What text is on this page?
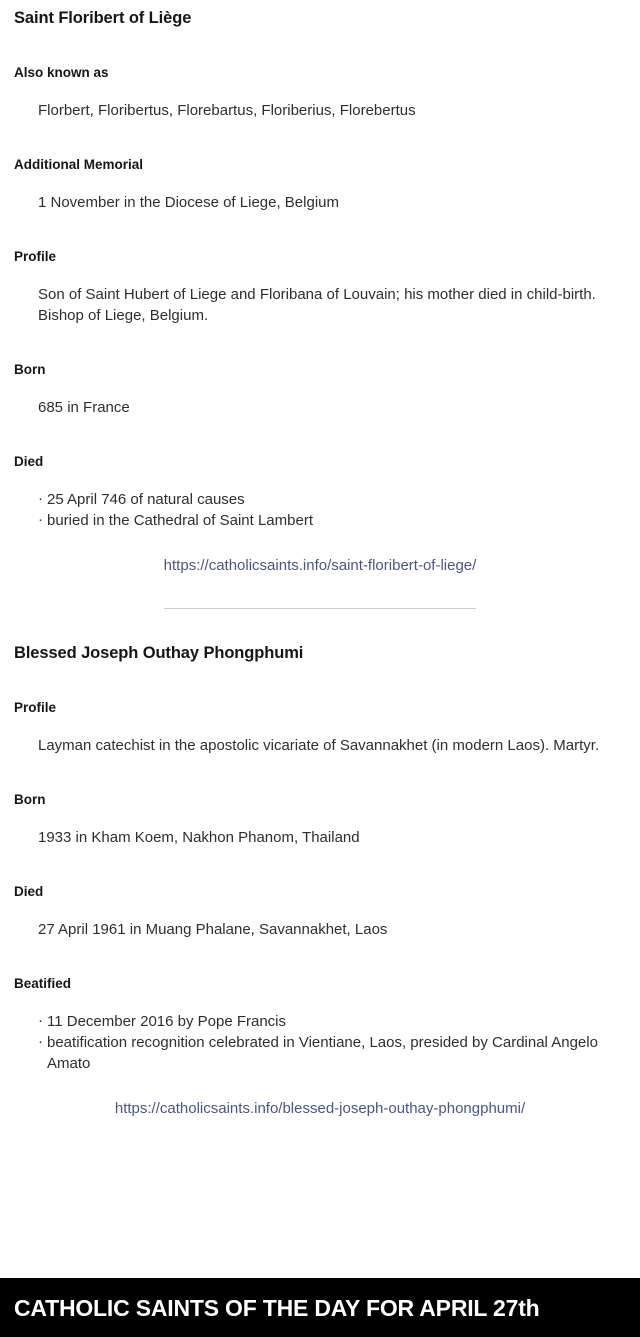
Saint Floribert of Liège
Also known as

Florbert, Floribertus, Florebartus, Floriberius, Florebertus

Additional Memorial

1 November in the Diocese of Liege, Belgium

Profile

Son of Saint Hubert of Liege and Floribana of Louvain; his mother died in child-birth. Bishop of Liege, Belgium.

Born

685 in France

Died
· 25 April 746 of natural causes
· buried in the Cathedral of Saint Lambert
https://catholicsaints.info/saint-floribert-of-liege/
Blessed Joseph Outhay Phongphumi
Profile

Layman catechist in the apostolic vicariate of Savannakhet (in modern Laos). Martyr.

Born

1933 in Kham Koem, Nakhon Phanom, Thailand

Died

27 April 1961 in Muang Phalane, Savannakhet, Laos

Beatified
· 11 December 2016 by Pope Francis
· beatification recognition celebrated in Vientiane, Laos, presided by Cardinal Angelo Amato
https://catholicsaints.info/blessed-joseph-outhay-phongphumi/
CATHOLIC SAINTS OF THE DAY FOR APRIL 27th
